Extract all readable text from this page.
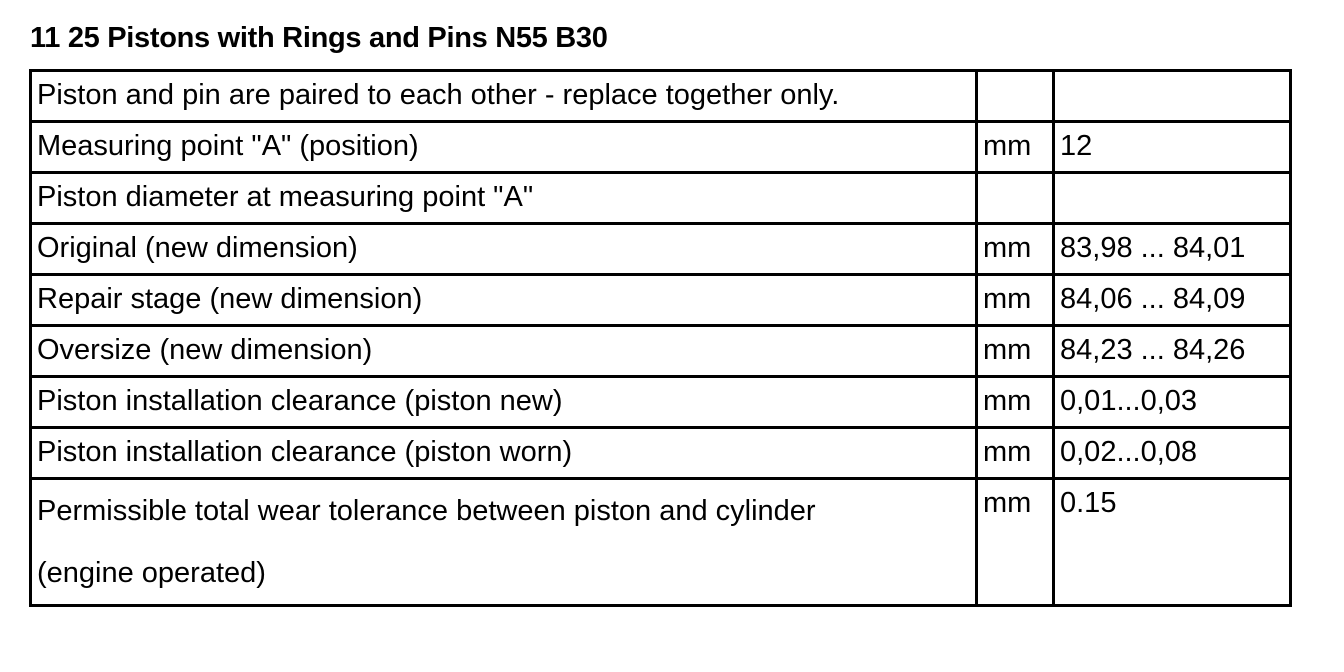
11 25 Pistons with Rings and Pins N55 B30
Piston and pin are paired to each other - replace together only.		
Measuring point "A" (position)	mm	12
Piston diameter at measuring point "A"		
Original (new dimension)	mm	83,98 ... 84,01
Repair stage (new dimension)	mm	84,06 ... 84,09
Oversize (new dimension)	mm	84,23 ... 84,26
Piston installation clearance (piston new)	mm	0,01...0,03
Piston installation clearance (piston worn)	mm	0,02...0,08

Permissible total wear tolerance between piston and cylinder
(engine operated)	mm	0.15
